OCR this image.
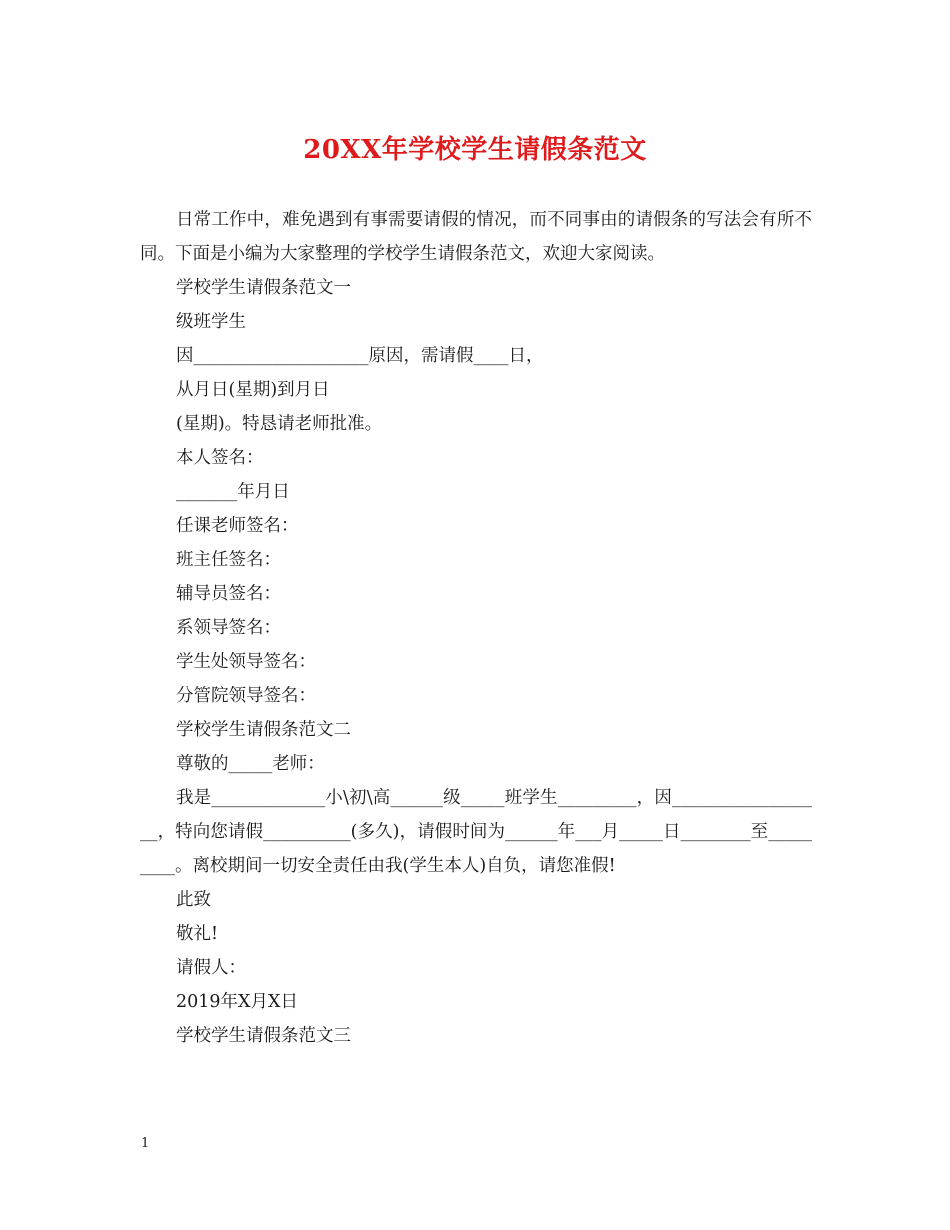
20XX年学校学生请假条范文

日常工作中，难免遇到有事需要请假的情况，而不同事由的请假条的写法会有所不同。下面是小编为大家整理的学校学生请假条范文，欢迎大家阅读。

学校学生请假条范文一

级班学生

因____________________原因，需请假____日，

从月日(星期)到月日

(星期)。特恳请老师批准。

本人签名：

_______年月日

任课老师签名：

班主任签名：

辅导员签名：

系领导签名：

学生处领导签名：

分管院领导签名：

学校学生请假条范文二

尊敬的_____老师：

我是_____________小\初\高______级_____班学生_________，因__________________，特向您请假__________(多久)，请假时间为______年___月_____日________至_________。离校期间一切安全责任由我(学生本人)自负，请您准假!

此致

敬礼!

请假人：

2019年X月X日

学校学生请假条范文三

1
